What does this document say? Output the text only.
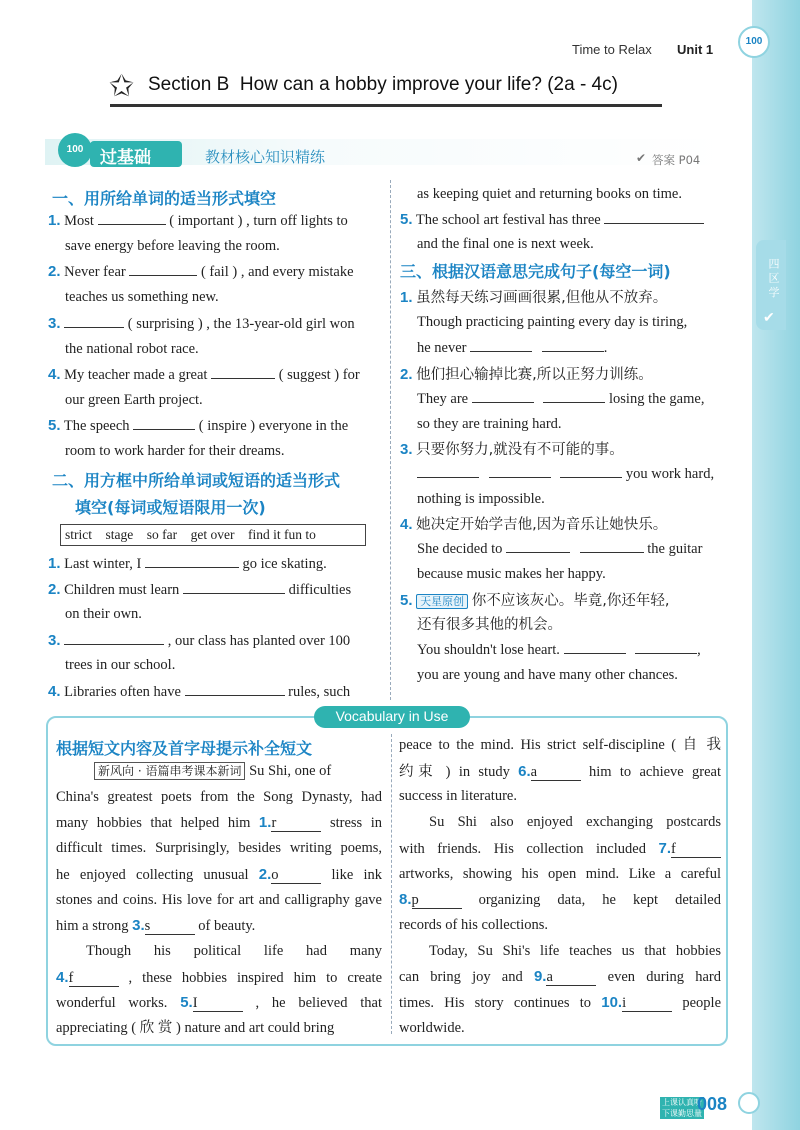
四 区 学
✔
100
Time to Relax Unit 1
✩ Section B  How can a hobby improve your life? (2a - 4c)
100 过基础	教材核心知识精练	✔ 答案 P04
一、用所给单词的适当形式填空
1. Most	( important ) , turn off lights to
save energy before leaving the room.
2. Never fear	( fail ) , and every mistake
teaches us something new.
3.	( surprising ) , the 13-year-old girl won
the national robot race.
4. My teacher made a great	( suggest ) for
our green Earth project.
5. The speech	( inspire ) everyone in the
room to work harder for their dreams.
二、用方框中所给单词或短语的适当形式
填空(每词或短语限用一次)
strict    stage    so far    get over    find it fun to
1. Last winter, I	go ice skating.
2. Children must learn	difficulties
on their own.
3.	, our class has planted over 100
trees in our school.
4. Libraries often have	rules, such
as keeping quiet and returning books on time.
5. The school art festival has three
and the final one is next week.
三、根据汉语意思完成句子(每空一词)
1. 虽然每天练习画画很累,但他从不放弃。
Though practicing painting every day is tiring,
he never	.
2. 他们担心输掉比赛,所以正努力训练。
They are	losing the game,
so they are training hard.
3. 只要你努力,就没有不可能的事。
you work hard,
nothing is impossible.
4. 她决定开始学吉他,因为音乐让她快乐。
She decided to	the guitar
because music makes her happy.
5. 天星原创 你不应该灰心。毕竟,你还年轻,
还有很多其他的机会。
You shouldn't lose heart.	,
you are young and have many other chances.
Vocabulary in Use
根据短文内容及首字母提示补全短文
新风向 · 语篇串考课本新词 Su Shi, one of
China's greatest poets from the Song Dynasty, had
many hobbies that helped him 1.r	stress in
difficult times. Surprisingly, besides writing poems,
he enjoyed collecting unusual 2.o	like ink
stones and coins. His love for art and calligraphy gave
him a strong 3.s	of beauty.
Though his political life had many
4.f	, these hobbies inspired him to create
wonderful works. 5.I	, he believed that
appreciating ( 欣 赏 ) nature and art could bring
peace to the mind. His strict self-discipline ( 自 我
约束 ) in study 6.a	him to achieve great
success in literature.
Su Shi also enjoyed exchanging postcards
with friends. His collection included 7.f
artworks, showing his open mind. Like a careful
8.p	organizing data, he kept detailed
records of his collections.
Today, Su Shi's life teaches us that hobbies
can bring joy and 9.a	even during hard
times. His story continues to 10.i	people
worldwide.
上课认真听
下课勤思量
008
